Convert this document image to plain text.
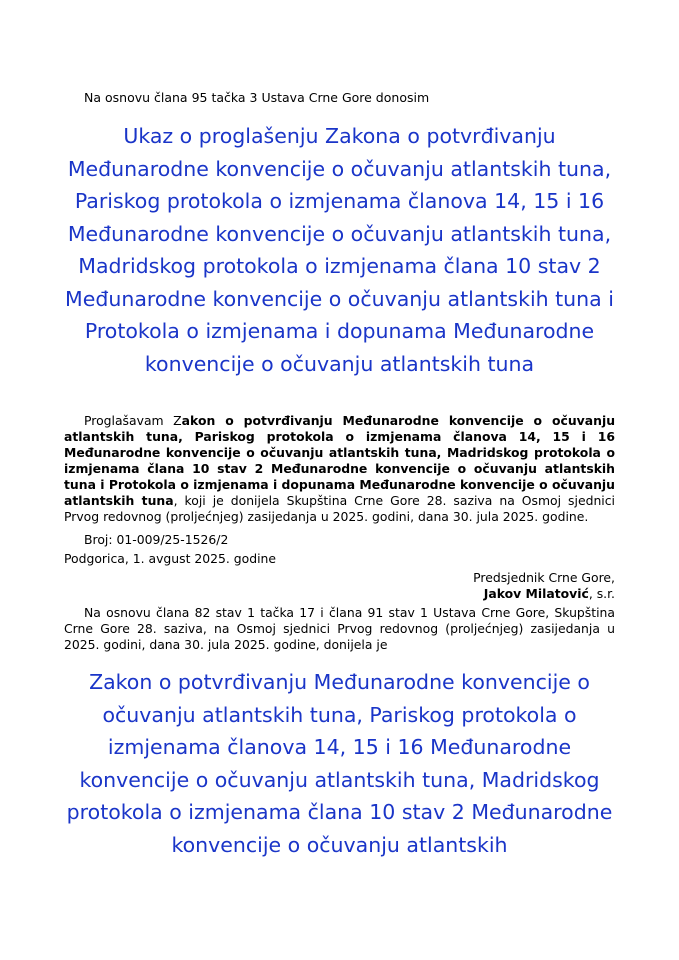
Na osnovu člana 95 tačka 3 Ustava Crne Gore donosim

Ukaz o proglašenju Zakona o potvrđivanju Međunarodne konvencije o očuvanju atlantskih tuna, Pariskog protokola o izmjenama članova 14, 15 i 16 Međunarodne konvencije o očuvanju atlantskih tuna, Madridskog protokola o izmjenama člana 10 stav 2 Međunarodne konvencije o očuvanju atlantskih tuna i Protokola o izmjenama i dopunama Međunarodne konvencije o očuvanju atlantskih tuna

Proglašavam Zakon o potvrđivanju Međunarodne konvencije o očuvanju atlantskih tuna, Pariskog protokola o izmjenama članova 14, 15 i 16 Međunarodne konvencije o očuvanju atlantskih tuna, Madridskog protokola o izmjenama člana 10 stav 2 Međunarodne konvencije o očuvanju atlantskih tuna i Protokola o izmjenama i dopunama Međunarodne konvencije o očuvanju atlantskih tuna, koji je donijela Skupština Crne Gore 28. saziva na Osmoj sjednici Prvog redovnog (proljećnjeg) zasijedanja u 2025. godini, dana 30. jula 2025. godine.

Broj: 01-009/25-1526/2

Podgorica, 1. avgust 2025. godine

Predsjednik Crne Gore,

Jakov Milatović, s.r.

Na osnovu člana 82 stav 1 tačka 17 i člana 91 stav 1 Ustava Crne Gore, Skupština Crne Gore 28. saziva, na Osmoj sjednici Prvog redovnog (proljećnjeg) zasijedanja u 2025. godini, dana 30. jula 2025. godine, donijela je

Zakon o potvrđivanju Međunarodne konvencije o očuvanju atlantskih tuna, Pariskog protokola o izmjenama članova 14, 15 i 16 Međunarodne konvencije o očuvanju atlantskih tuna, Madridskog protokola o izmjenama člana 10 stav 2 Međunarodne konvencije o očuvanju atlantskih
